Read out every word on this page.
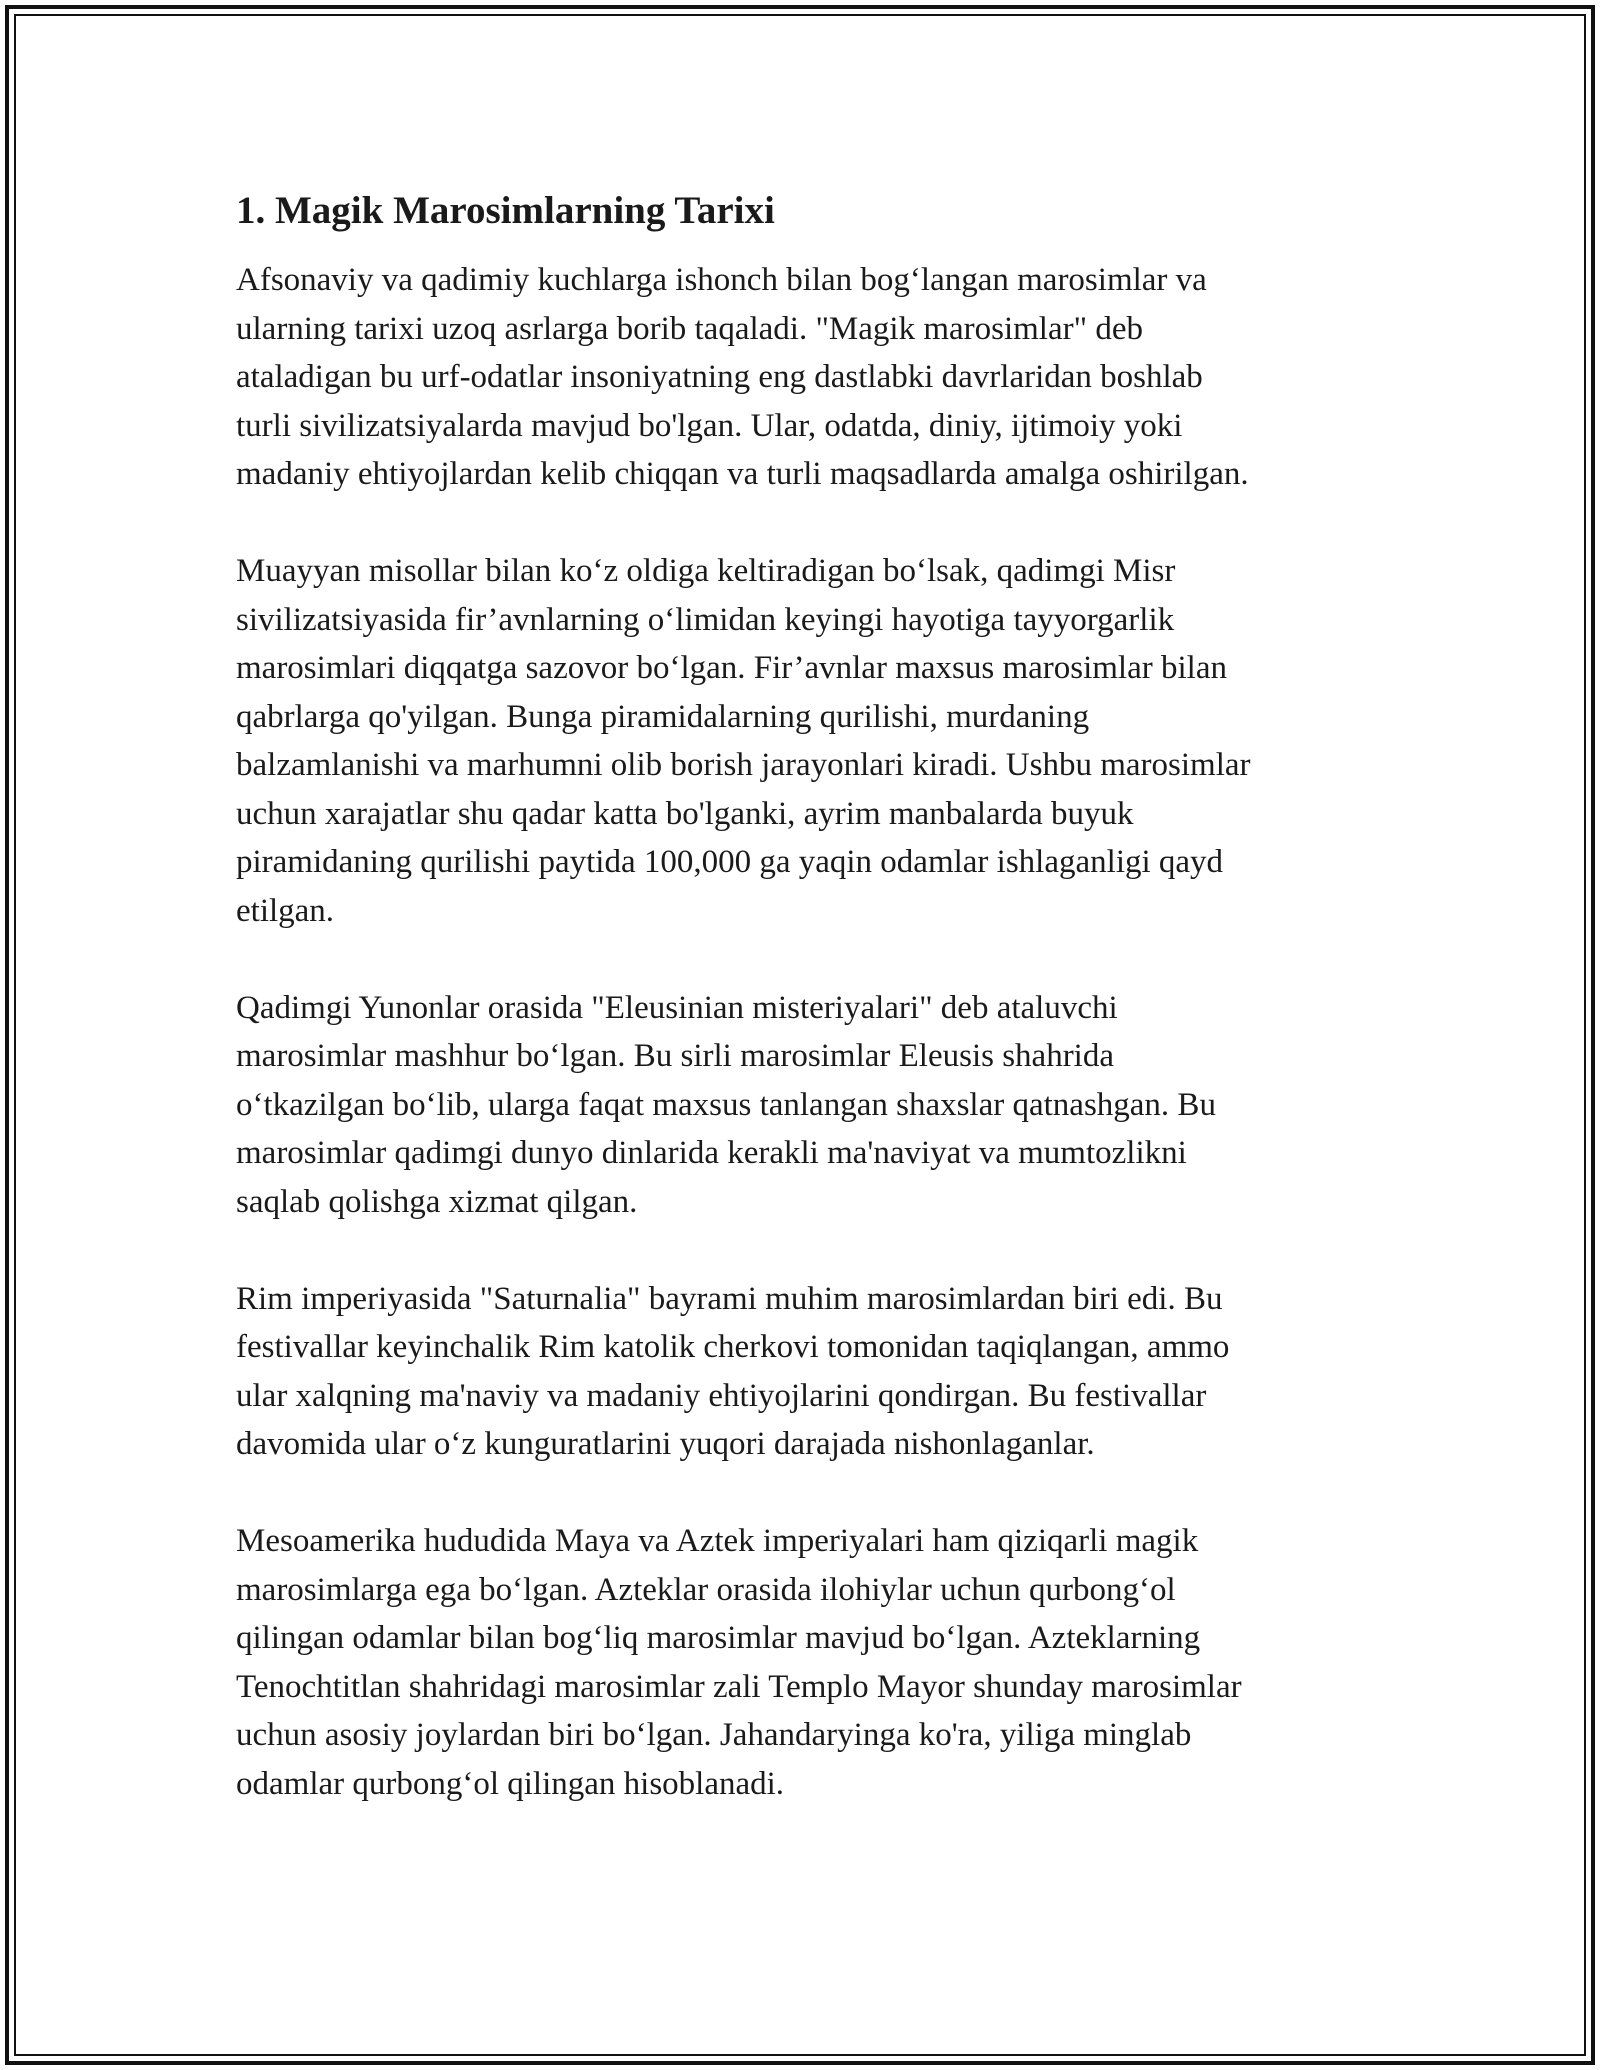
1. Magik Marosimlarning Tarixi

Afsonaviy va qadimiy kuchlarga ishonch bilan bog‘langan marosimlar va
ularning tarixi uzoq asrlarga borib taqaladi. "Magik marosimlar" deb
ataladigan bu urf-odatlar insoniyatning eng dastlabki davrlaridan boshlab
turli sivilizatsiyalarda mavjud bo'lgan. Ular, odatda, diniy, ijtimoiy yoki
madaniy ehtiyojlardan kelib chiqqan va turli maqsadlarda amalga oshirilgan.

Muayyan misollar bilan ko‘z oldiga keltiradigan bo‘lsak, qadimgi Misr
sivilizatsiyasida fir’avnlarning o‘limidan keyingi hayotiga tayyorgarlik
marosimlari diqqatga sazovor bo‘lgan. Fir’avnlar maxsus marosimlar bilan
qabrlarga qo'yilgan. Bunga piramidalarning qurilishi, murdaning
balzamlanishi va marhumni olib borish jarayonlari kiradi. Ushbu marosimlar
uchun xarajatlar shu qadar katta bo'lganki, ayrim manbalarda buyuk
piramidaning qurilishi paytida 100,000 ga yaqin odamlar ishlaganligi qayd
etilgan.

Qadimgi Yunonlar orasida "Eleusinian misteriyalari" deb ataluvchi
marosimlar mashhur bo‘lgan. Bu sirli marosimlar Eleusis shahrida
o‘tkazilgan bo‘lib, ularga faqat maxsus tanlangan shaxslar qatnashgan. Bu
marosimlar qadimgi dunyo dinlarida kerakli ma'naviyat va mumtozlikni
saqlab qolishga xizmat qilgan.

Rim imperiyasida "Saturnalia" bayrami muhim marosimlardan biri edi. Bu
festivallar keyinchalik Rim katolik cherkovi tomonidan taqiqlangan, ammo
ular xalqning ma'naviy va madaniy ehtiyojlarini qondirgan. Bu festivallar
davomida ular o‘z kunguratlarini yuqori darajada nishonlaganlar.

Mesoamerika hududida Maya va Aztek imperiyalari ham qiziqarli magik
marosimlarga ega bo‘lgan. Azteklar orasida ilohiylar uchun qurbong‘ol
qilingan odamlar bilan bog‘liq marosimlar mavjud bo‘lgan. Azteklarning
Tenochtitlan shahridagi marosimlar zali Templo Mayor shunday marosimlar
uchun asosiy joylardan biri bo‘lgan. Jahandaryinga ko'ra, yiliga minglab
odamlar qurbong‘ol qilingan hisoblanadi.
